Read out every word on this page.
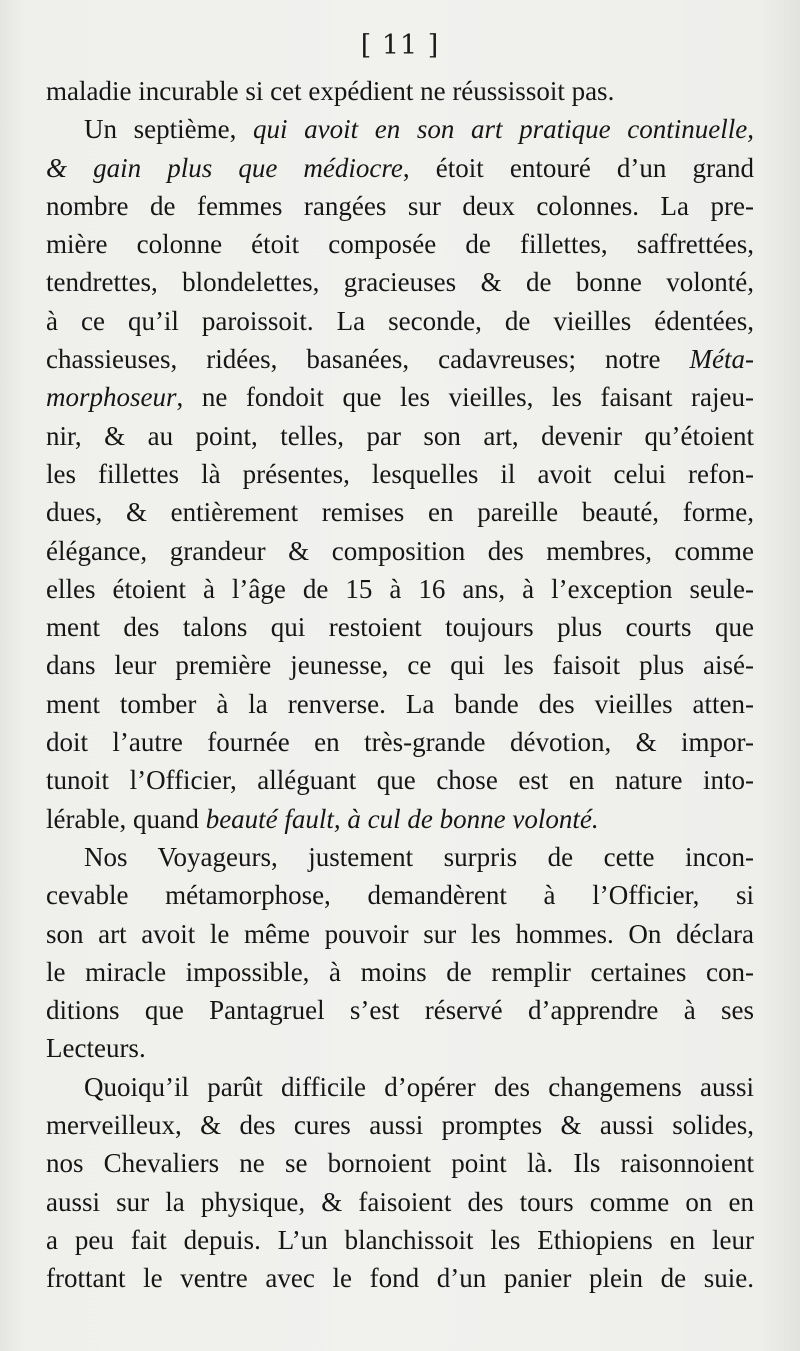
[ 11 ]
maladie incurable si cet expédient ne réussissoit pas.
Un septième, qui avoit en son art pratique continuelle,
& gain plus que médiocre, étoit entouré d’un grand
nombre de femmes rangées sur deux colonnes. La pre-
mière colonne étoit composée de fillettes, saffrettées,
tendrettes, blondelettes, gracieuses & de bonne volonté,
à ce qu’il paroissoit. La seconde, de vieilles édentées,
chassieuses, ridées, basanées, cadavreuses; notre Méta-
morphoseur, ne fondoit que les vieilles, les faisant rajeu-
nir, & au point, telles, par son art, devenir qu’étoient
les fillettes là présentes, lesquelles il avoit celui refon-
dues, & entièrement remises en pareille beauté, forme,
élégance, grandeur & composition des membres, comme
elles étoient à l’âge de 15 à 16 ans, à l’exception seule-
ment des talons qui restoient toujours plus courts que
dans leur première jeunesse, ce qui les faisoit plus aisé-
ment tomber à la renverse. La bande des vieilles atten-
doit l’autre fournée en très-grande dévotion, & impor-
tunoit l’Officier, alléguant que chose est en nature into-
lérable, quand beauté fault, à cul de bonne volonté.
Nos Voyageurs, justement surpris de cette incon-
cevable métamorphose, demandèrent à l’Officier, si
son art avoit le même pouvoir sur les hommes. On déclara
le miracle impossible, à moins de remplir certaines con-
ditions que Pantagruel s’est réservé d’apprendre à ses
Lecteurs.
Quoiqu’il parût difficile d’opérer des changemens aussi
merveilleux, & des cures aussi promptes & aussi solides,
nos Chevaliers ne se bornoient point là. Ils raisonnoient
aussi sur la physique, & faisoient des tours comme on en
a peu fait depuis. L’un blanchissoit les Ethiopiens en leur
frottant le ventre avec le fond d’un panier plein de suie.
